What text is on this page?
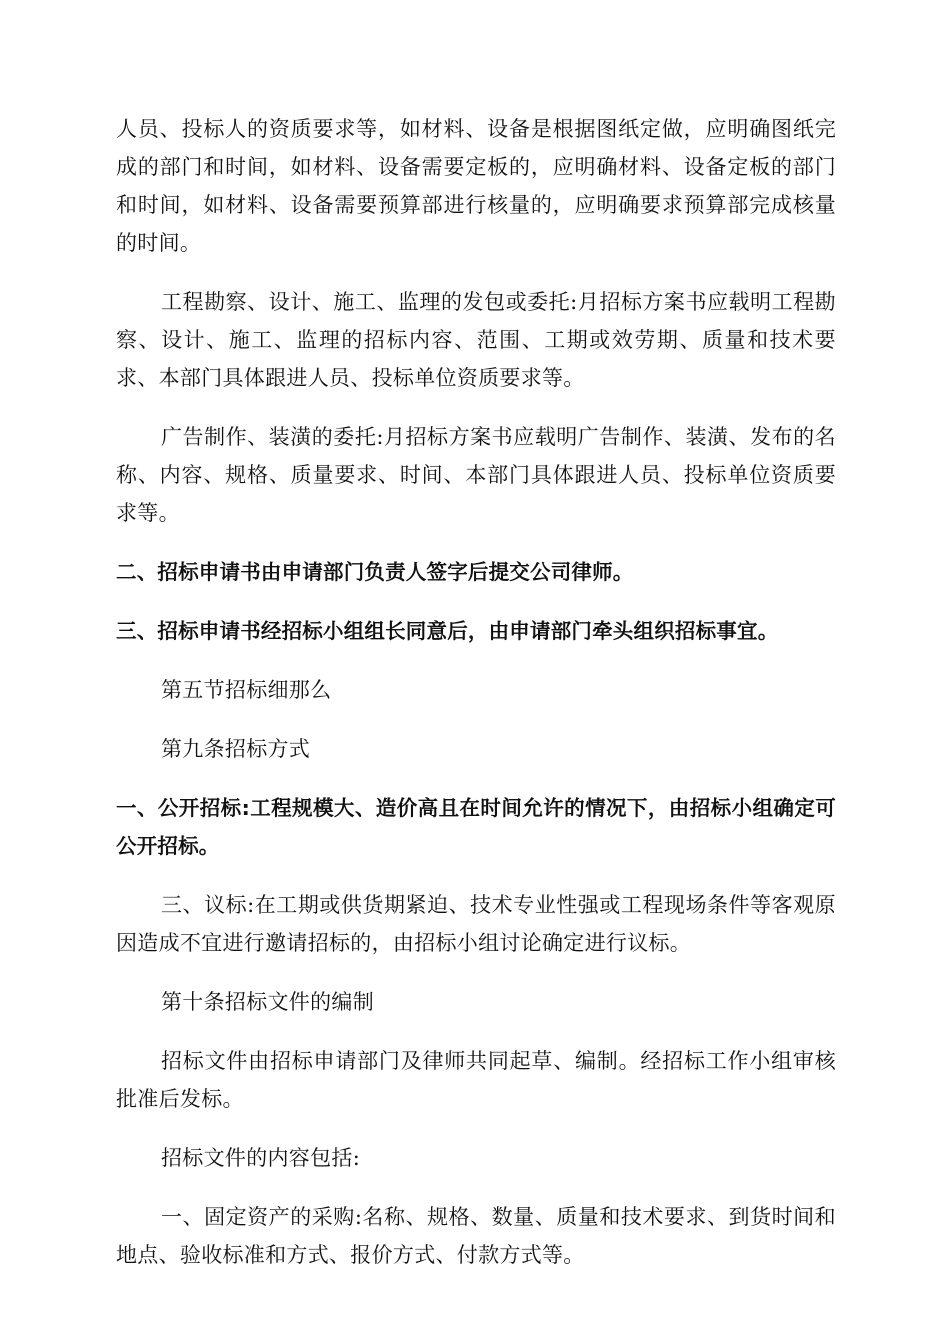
人员、投标人的资质要求等，如材料、设备是根据图纸定做，应明确图纸完成的部门和时间，如材料、设备需要定板的，应明确材料、设备定板的部门和时间，如材料、设备需要预算部进行核量的，应明确要求预算部完成核量的时间。

工程勘察、设计、施工、监理的发包或委托:月招标方案书应载明工程勘察、设计、施工、监理的招标内容、范围、工期或效劳期、质量和技术要求、本部门具体跟进人员、投标单位资质要求等。

广告制作、装潢的委托:月招标方案书应载明广告制作、装潢、发布的名称、内容、规格、质量要求、时间、本部门具体跟进人员、投标单位资质要求等。

二、招标申请书由申请部门负责人签字后提交公司律师。

三、招标申请书经招标小组组长同意后，由申请部门牵头组织招标事宜。

第五节招标细那么

第九条招标方式

一、公开招标:工程规模大、造价高且在时间允许的情况下，由招标小组确定可公开招标。

三、议标:在工期或供货期紧迫、技术专业性强或工程现场条件等客观原因造成不宜进行邀请招标的，由招标小组讨论确定进行议标。

第十条招标文件的编制

招标文件由招标申请部门及律师共同起草、编制。经招标工作小组审核批准后发标。

招标文件的内容包括:

一、固定资产的采购:名称、规格、数量、质量和技术要求、到货时间和地点、验收标准和方式、报价方式、付款方式等。
